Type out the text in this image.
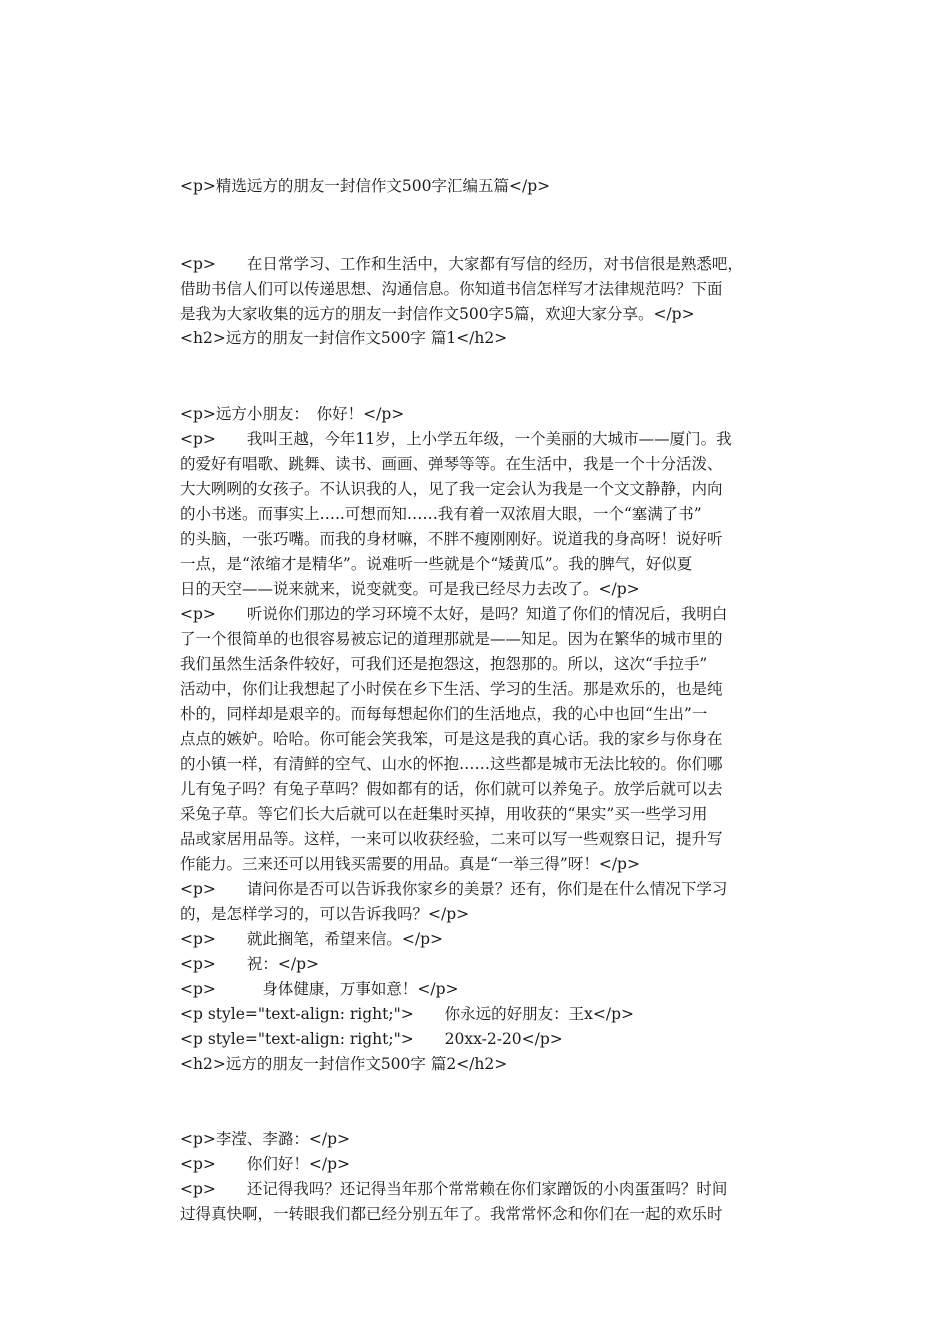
<p>精选远方的朋友一封信作文500字汇编五篇</p>
<p>　　在日常学习、工作和生活中，大家都有写信的经历，对书信很是熟悉吧，
借助书信人们可以传递思想、沟通信息。你知道书信怎样写才法律规范吗？下面
是我为大家收集的远方的朋友一封信作文500字5篇，欢迎大家分享。</p>
<h2>远方的朋友一封信作文500字 篇1</h2>
<p>远方小朋友：　你好！</p>
<p>　　我叫王越，今年11岁，上小学五年级，一个美丽的大城市——厦门。我
的爱好有唱歌、跳舞、读书、画画、弹琴等等。在生活中，我是一个十分活泼、
大大咧咧的女孩子。不认识我的人，见了我一定会认为我是一个文文静静，内向
的小书迷。而事实上…..可想而知……我有着一双浓眉大眼，一个“塞满了书”
的头脑，一张巧嘴。而我的身材嘛，不胖不瘦刚刚好。说道我的身高呀！说好听
一点，是“浓缩才是精华”。说难听一些就是个“矮黄瓜”。我的脾气，好似夏
日的天空——说来就来，说变就变。可是我已经尽力去改了。</p>
<p>　　听说你们那边的学习环境不太好，是吗？知道了你们的情况后，我明白
了一个很简单的也很容易被忘记的道理那就是——知足。因为在繁华的城市里的
我们虽然生活条件较好，可我们还是抱怨这，抱怨那的。所以，这次“手拉手”
活动中，你们让我想起了小时侯在乡下生活、学习的生活。那是欢乐的，也是纯
朴的，同样却是艰辛的。而每每想起你们的生活地点，我的心中也回“生出”一
点点的嫉妒。哈哈。你可能会笑我笨，可是这是我的真心话。我的家乡与你身在
的小镇一样，有清鲜的空气、山水的怀抱……这些都是城市无法比较的。你们哪
儿有兔子吗？有兔子草吗？假如都有的话，你们就可以养兔子。放学后就可以去
采兔子草。等它们长大后就可以在赶集时买掉，用收获的“果实”买一些学习用
品或家居用品等。这样，一来可以收获经验，二来可以写一些观察日记，提升写
作能力。三来还可以用钱买需要的用品。真是“一举三得”呀！</p>
<p>　　请问你是否可以告诉我你家乡的美景？还有，你们是在什么情况下学习
的，是怎样学习的，可以告诉我吗？</p>
<p>　　就此搁笔，希望来信。</p>
<p>　　祝：</p>
<p>　　　身体健康，万事如意！</p>
<p style="text-align: right;">　　你永远的好朋友：王x</p>
<p style="text-align: right;">　　20xx-2-20</p>
<h2>远方的朋友一封信作文500字 篇2</h2>
<p>李滢、李潞：</p>
<p>　　你们好！</p>
<p>　　还记得我吗？还记得当年那个常常赖在你们家蹭饭的小肉蛋蛋吗？时间
过得真快啊，一转眼我们都已经分别五年了。我常常怀念和你们在一起的欢乐时
